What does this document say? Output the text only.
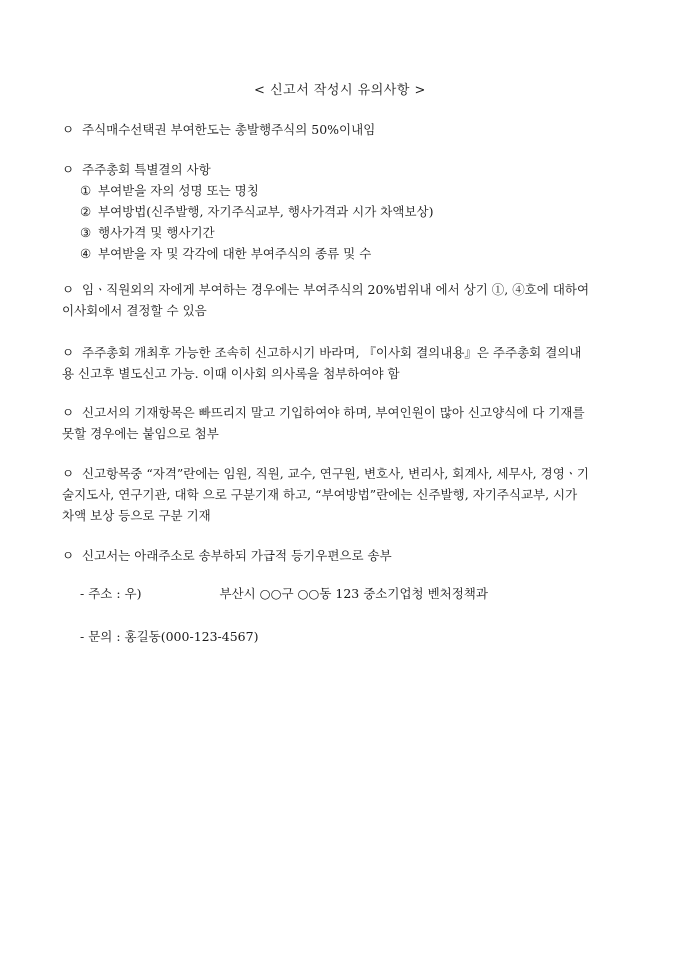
< 신고서 작성시 유의사항 >
ㅇ 주식매수선택권 부여한도는 총발행주식의 50%이내임
ㅇ 주주총회 특별결의 사항
① 부여받을 자의 성명 또는 명칭
② 부여방법(신주발행, 자기주식교부, 행사가격과 시가 차액보상)
③ 행사가격 및 행사기간
④ 부여받을 자 및 각각에 대한 부여주식의 종류 및 수
ㅇ 임ㆍ직원외의 자에게 부여하는 경우에는 부여주식의 20%범위내 에서 상기 ①, ④호에 대하여
이사회에서 결정할 수 있음
ㅇ 주주총회 개최후 가능한 조속히 신고하시기 바라며, 『이사회 결의내용』은 주주총회 결의내
용 신고후 별도신고 가능. 이때 이사회 의사록을 첨부하여야 함
ㅇ 신고서의 기재항목은 빠뜨리지 말고 기입하여야 하며, 부여인원이 많아 신고양식에 다 기재를
못할 경우에는 붙임으로 첨부
ㅇ 신고항목중 “자격”란에는 임원, 직원, 교수, 연구원, 변호사, 변리사, 회계사, 세무사, 경영ㆍ기
술지도사, 연구기관, 대학 으로 구분기재 하고, “부여방법”란에는 신주발행, 자기주식교부, 시가
차액 보상 등으로 구분 기재
ㅇ 신고서는 아래주소로 송부하되 가급적 등기우편으로 송부
- 주소 : 우)	부산시 ○○구 ○○동 123 중소기업청 벤처정책과
- 문의 : 홍길동(000-123-4567)
